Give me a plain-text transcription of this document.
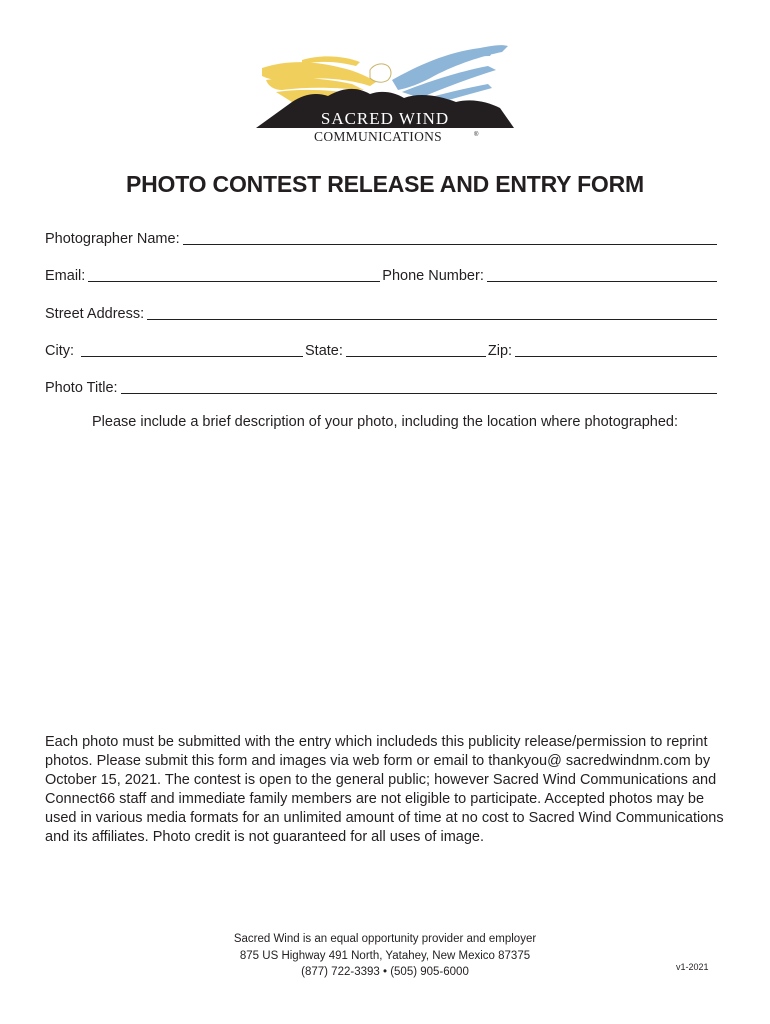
SACRED WIND
COMMUNICATIONS	®
PHOTO CONTEST RELEASE AND ENTRY FORM
Photographer Name:
Email:	Phone Number:
Street Address:
City:	State:	Zip:
Photo Title:
Please include a brief description of your photo, including the location where photographed:
Each photo must be submitted with the entry which includeds this publicity release/permission to reprint photos. Please submit this form and images via web form or email to thankyou@ sacredwindnm.com by October 15, 2021. The contest is open to the general public; however Sacred Wind Communications and Connect66 staff and immediate family members are not eligible to participate. Accepted photos may be used in various media formats for an unlimited amount of time at no cost to Sacred Wind Communications and its affiliates. Photo credit is not guaranteed for all uses of image.
Sacred Wind is an equal opportunity provider and employer
875 US Highway 491 North, Yatahey, New Mexico 87375
(877) 722-3393 • (505) 905-6000	v1-2021
